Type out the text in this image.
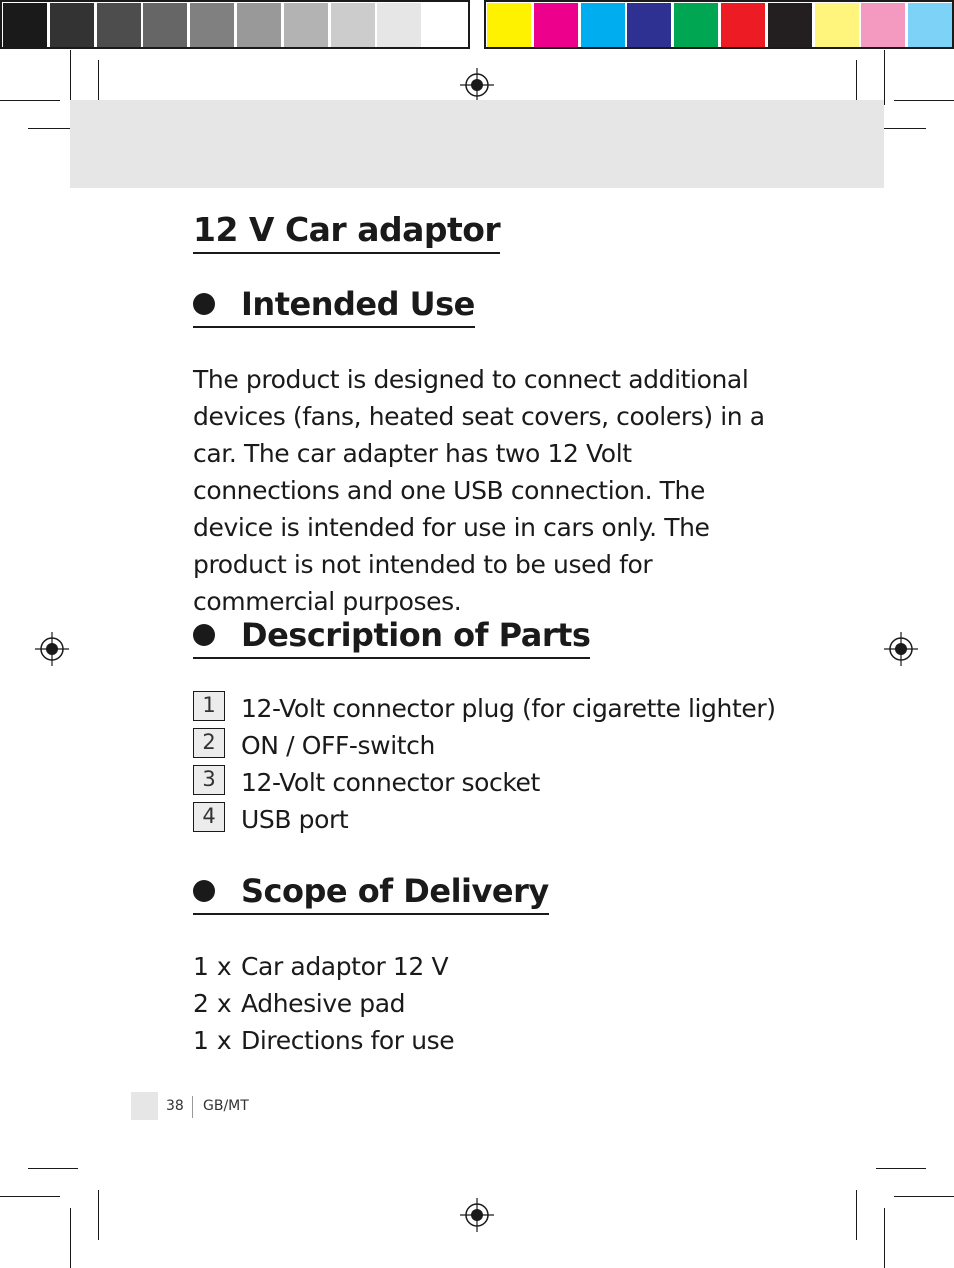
12 V Car adaptor
Intended Use
The product is designed to connect additional devices (fans, heated seat covers, coolers) in a car. The car adapter has two 12 Volt connections and one USB connection. The device is intended for use in cars only. The product is not intended to be used for commercial purposes.
Description of Parts
1	12-Volt connector plug (for cigarette lighter)
2	ON / OFF-switch
3	12-Volt connector socket
4	USB port
Scope of Delivery
1 x Car adaptor 12 V
2 x Adhesive pad
1 x Directions for use
38 GB/MT
